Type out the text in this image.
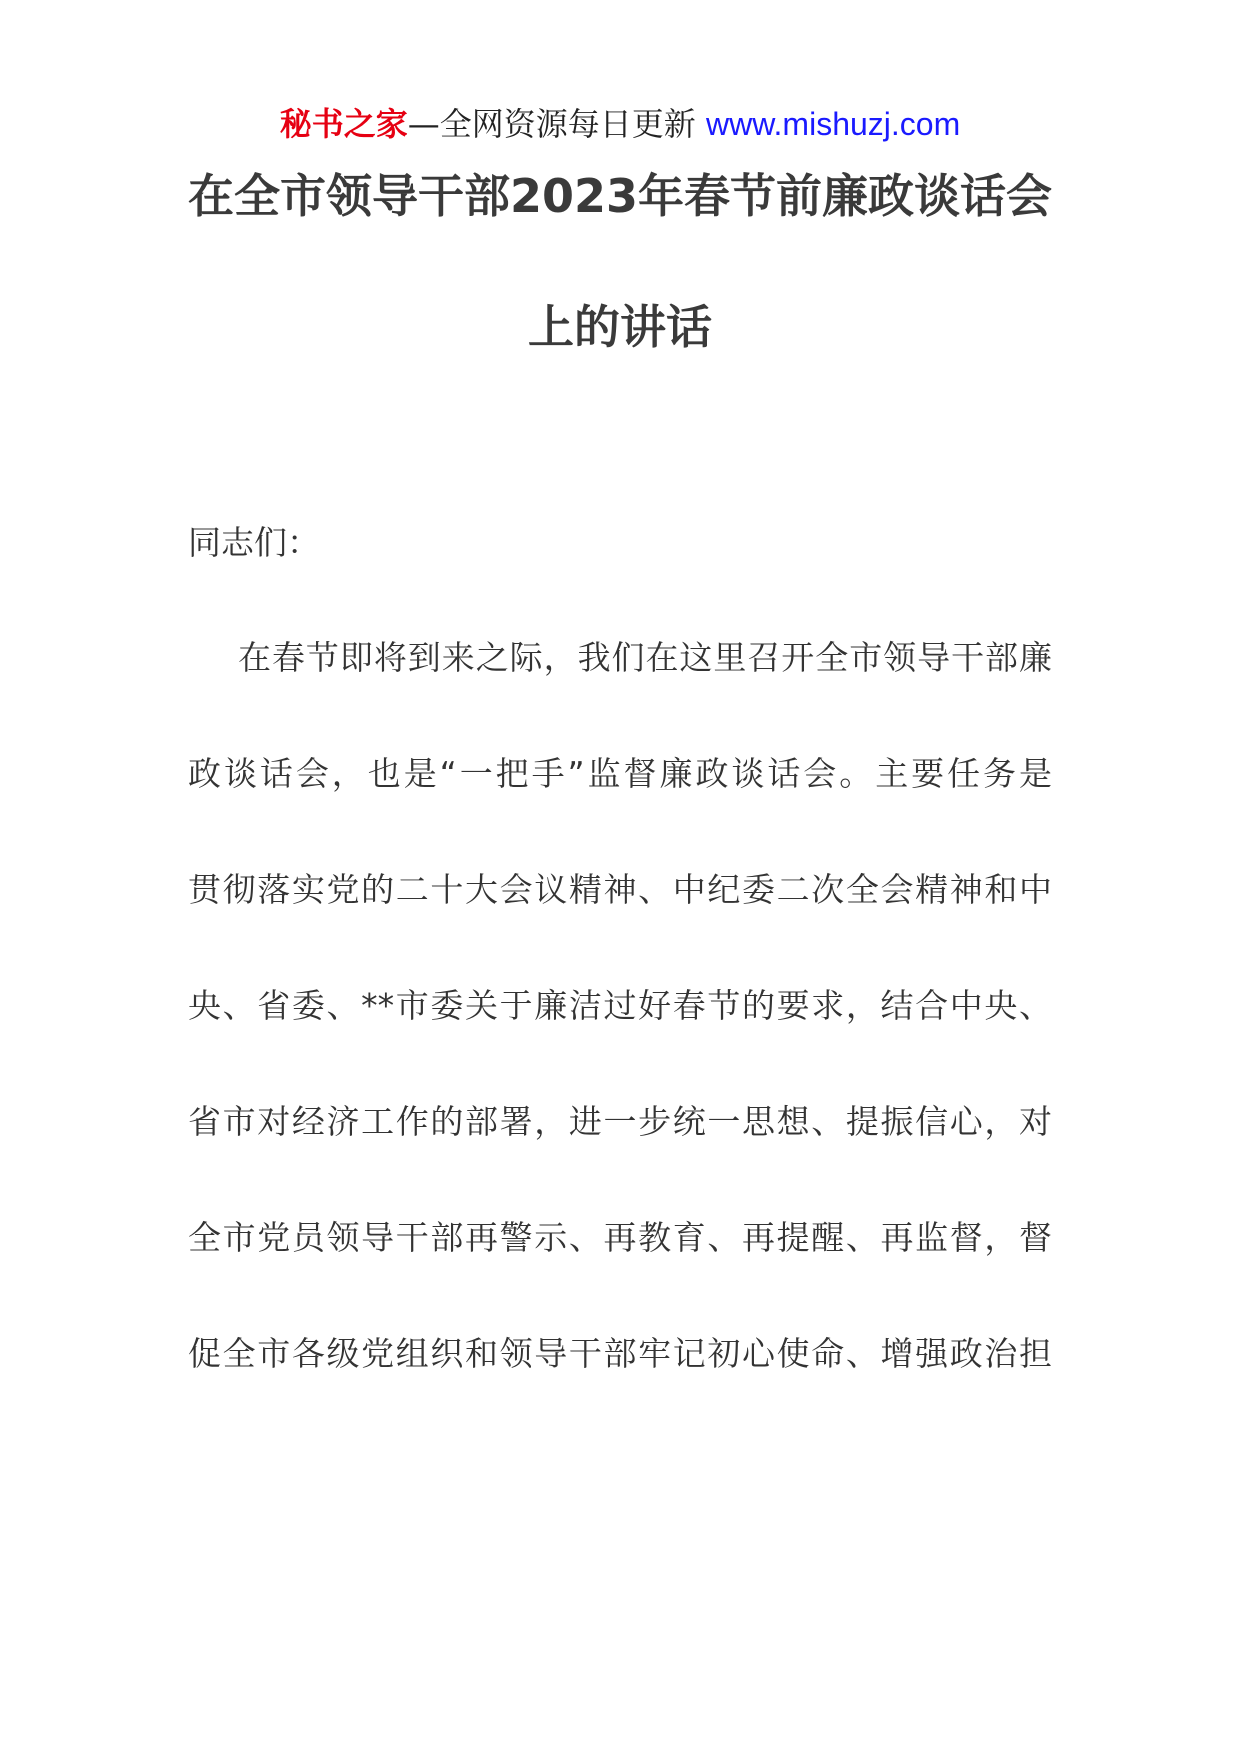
秘书之家—全网资源每日更新 www.mishuzj.com
在全市领导干部2023年春节前廉政谈话会
上的讲话
同志们：
在春节即将到来之际，我们在这里召开全市领导干部廉
政谈话会，也是“一把手”监督廉政谈话会。主要任务是
贯彻落实党的二十大会议精神、中纪委二次全会精神和中
央、省委、**市委关于廉洁过好春节的要求，结合中央、
省市对经济工作的部署，进一步统一思想、提振信心，对
全市党员领导干部再警示、再教育、再提醒、再监督，督
促全市各级党组织和领导干部牢记初心使命、增强政治担
